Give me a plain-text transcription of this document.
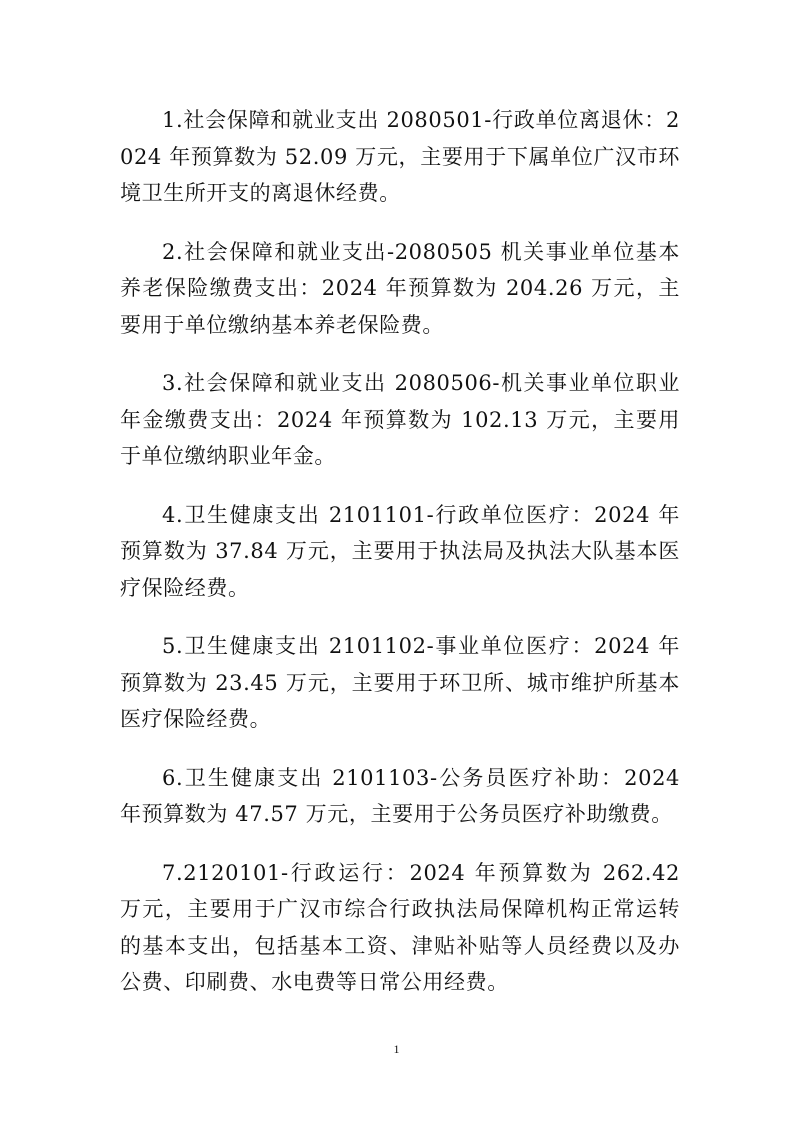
1.社会保障和就业支出 2080501-行政单位离退休：2024 年预算数为 52.09 万元，主要用于下属单位广汉市环境卫生所开支的离退休经费。

2.社会保障和就业支出-2080505 机关事业单位基本养老保险缴费支出：2024 年预算数为 204.26 万元，主要用于单位缴纳基本养老保险费。

3.社会保障和就业支出 2080506-机关事业单位职业年金缴费支出：2024 年预算数为 102.13 万元，主要用于单位缴纳职业年金。

4.卫生健康支出 2101101-行政单位医疗：2024 年预算数为 37.84 万元，主要用于执法局及执法大队基本医疗保险经费。

5.卫生健康支出 2101102-事业单位医疗：2024 年预算数为 23.45 万元，主要用于环卫所、城市维护所基本医疗保险经费。

6.卫生健康支出 2101103-公务员医疗补助：2024 年预算数为 47.57 万元，主要用于公务员医疗补助缴费。

7.2120101-行政运行：2024 年预算数为 262.42 万元，主要用于广汉市综合行政执法局保障机构正常运转的基本支出，包括基本工资、津贴补贴等人员经费以及办公费、印刷费、水电费等日常公用经费。

1
